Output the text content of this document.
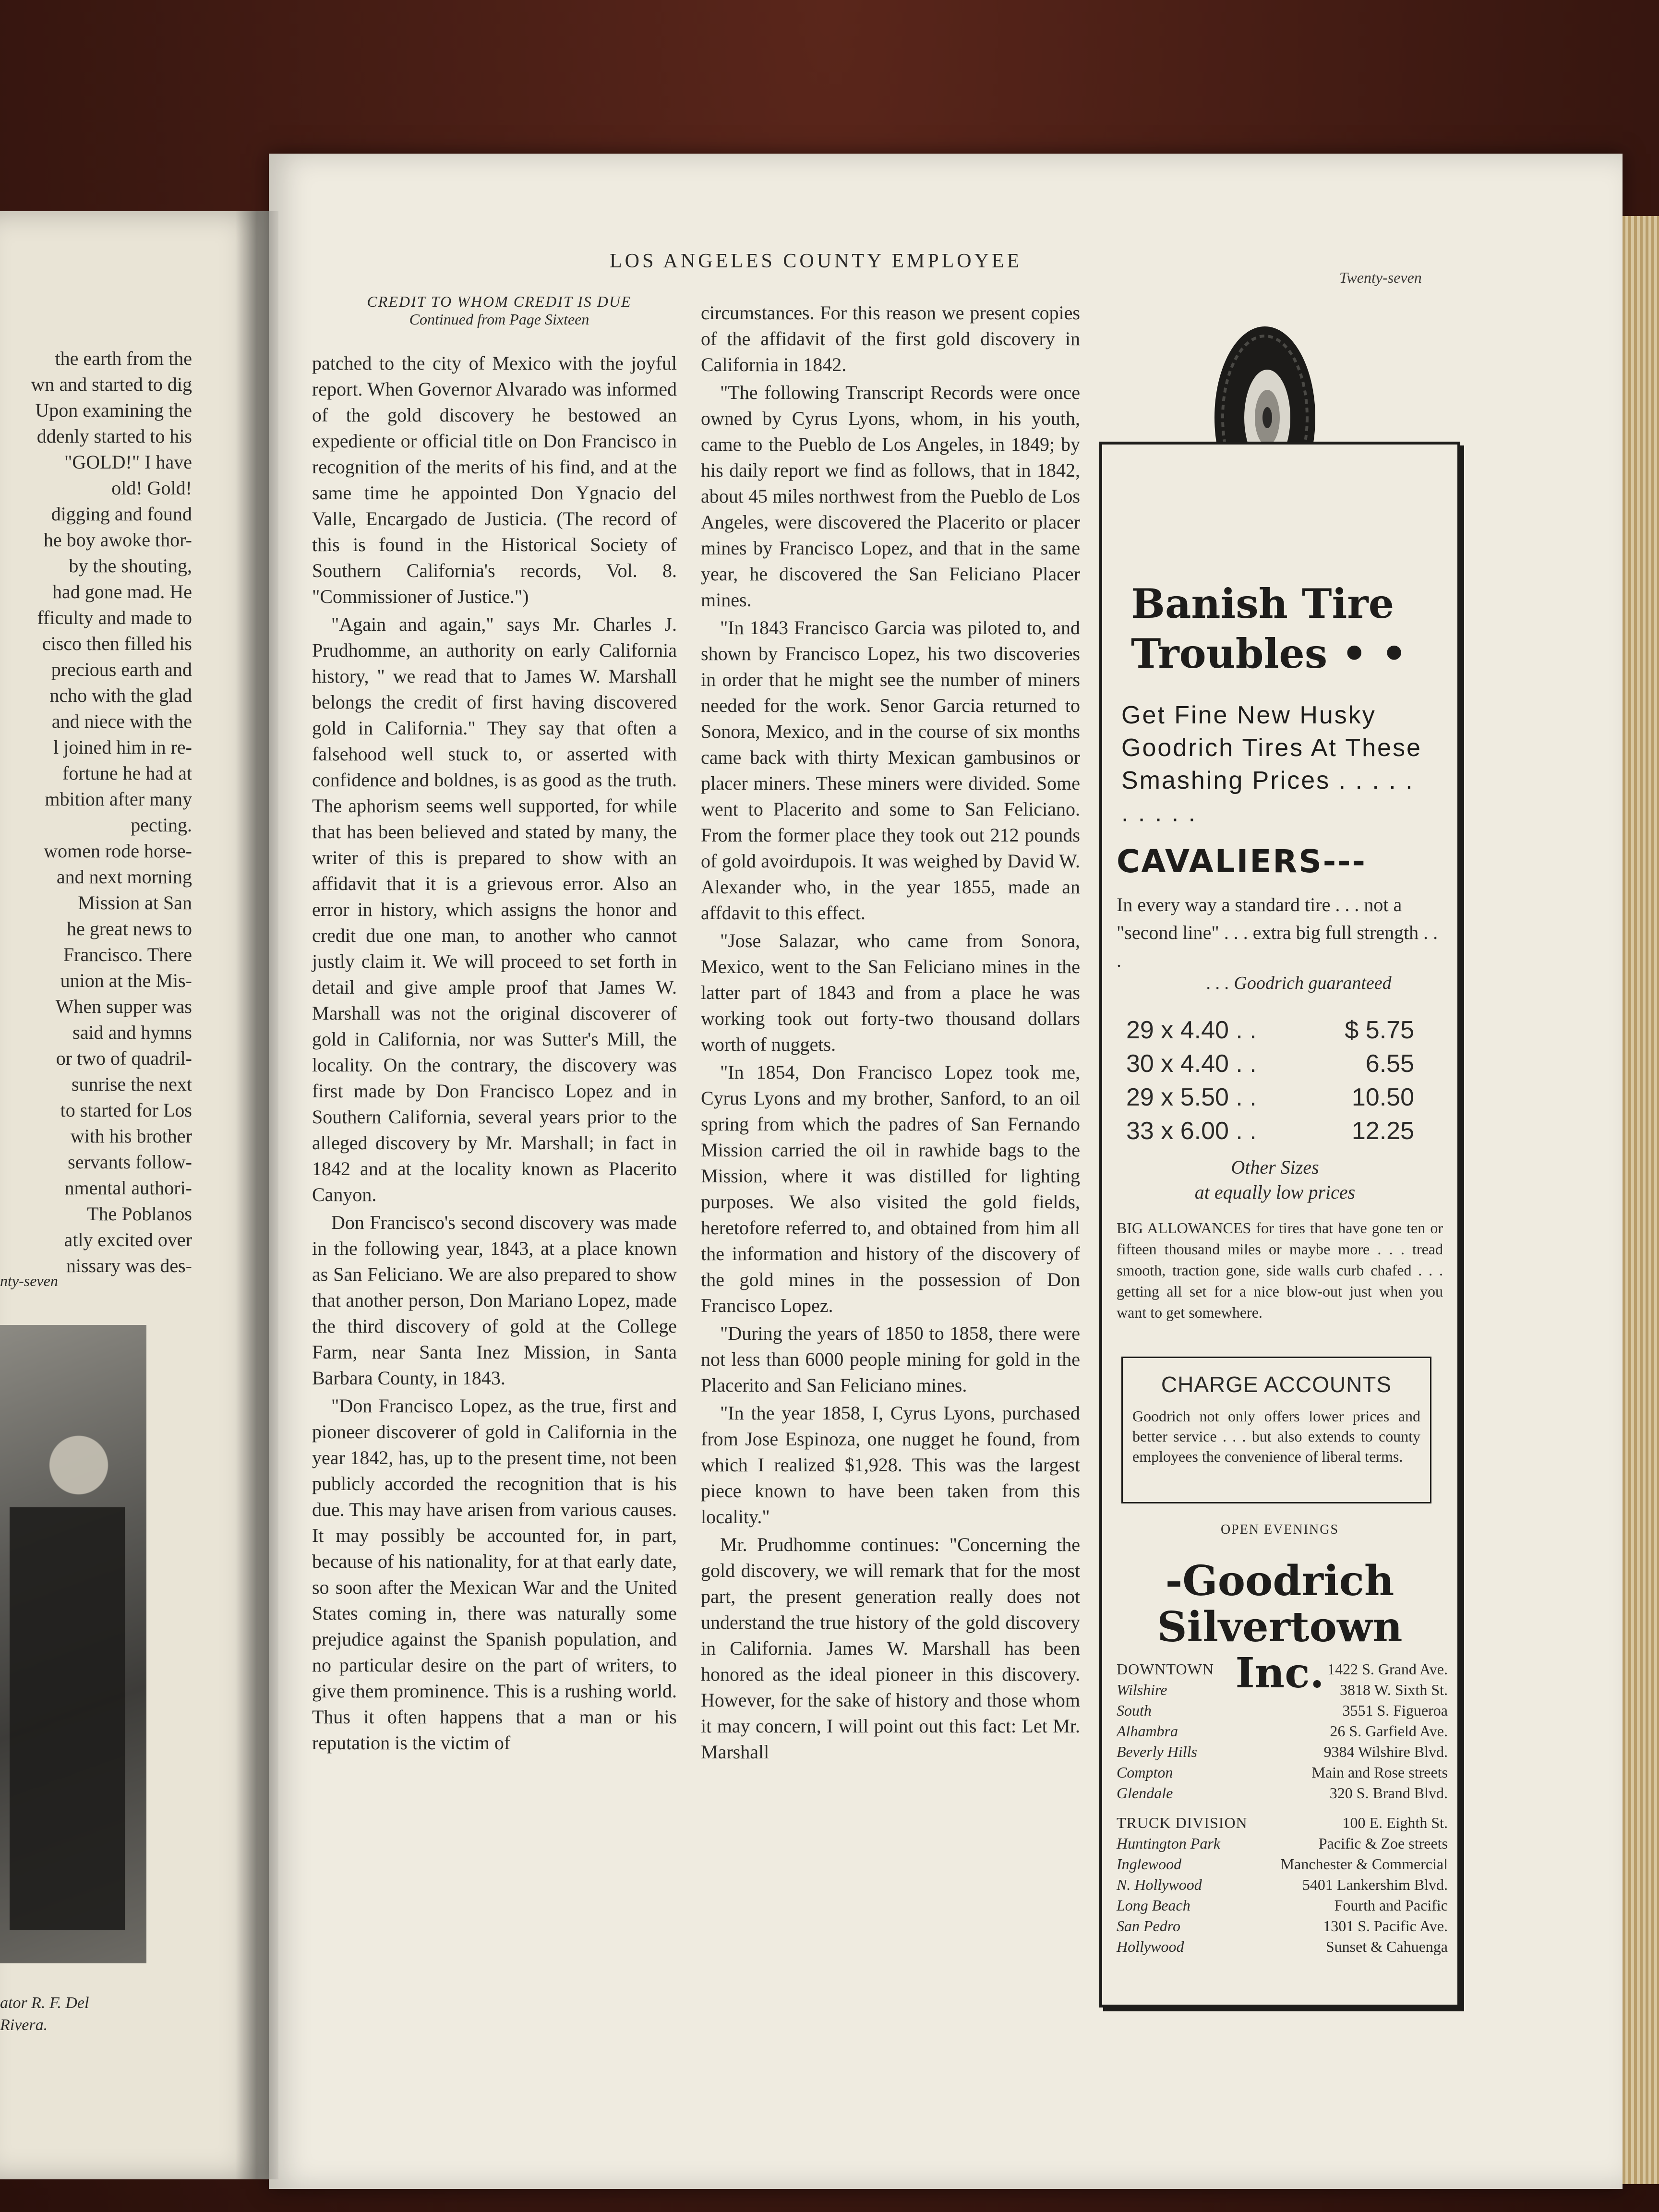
the earth from the
wn and started to dig
Upon examining the
ddenly started to his
"GOLD!" I have
old! Gold!
digging and found
he boy awoke thor-
by the shouting,
had gone mad. He
fficulty and made to
cisco then filled his
precious earth and
ncho with the glad
and niece with the
l joined him in re-
fortune he had at
mbition after many
pecting.
women rode horse-
and next morning
Mission at San
he great news to
Francisco. There
union at the Mis-
When supper was
said and hymns
or two of quadril-
sunrise the next
to started for Los
with his brother
servants follow-
nmental authori-
The Poblanos
atly excited over
nissary was des-
nty-seven
ator R. F. Del
Rivera.
LOS ANGELES COUNTY EMPLOYEE
Twenty-seven
CREDIT TO WHOM CREDIT IS DUE
Continued from Page Sixteen

patched to the city of Mexico with the joyful report. When Governor Alvarado was informed of the gold discovery he bestowed an expediente or official title on Don Francisco in recognition of the merits of his find, and at the same time he appointed Don Ygnacio del Valle, Encargado de Justicia. (The record of this is found in the Historical Society of Southern California's records, Vol. 8. "Commissioner of Justice.")

"Again and again," says Mr. Charles J. Prudhomme, an authority on early California history, " we read that to James W. Marshall belongs the credit of first having discovered gold in California." They say that often a falsehood well stuck to, or asserted with confidence and boldnes, is as good as the truth. The aphorism seems well supported, for while that has been believed and stated by many, the writer of this is prepared to show with an affidavit that it is a grievous error. Also an error in history, which assigns the honor and credit due one man, to another who cannot justly claim it. We will proceed to set forth in detail and give ample proof that James W. Marshall was not the original discoverer of gold in California, nor was Sutter's Mill, the locality. On the contrary, the discovery was first made by Don Francisco Lopez and in Southern California, several years prior to the alleged discovery by Mr. Marshall; in fact in 1842 and at the locality known as Placerito Canyon.

Don Francisco's second discovery was made in the following year, 1843, at a place known as San Feliciano. We are also prepared to show that another person, Don Mariano Lopez, made the third discovery of gold at the College Farm, near Santa Inez Mission, in Santa Barbara County, in 1843.

"Don Francisco Lopez, as the true, first and pioneer discoverer of gold in California in the year 1842, has, up to the present time, not been publicly accorded the recognition that is his due. This may have arisen from various causes. It may possibly be accounted for, in part, because of his nationality, for at that early date, so soon after the Mexican War and the United States coming in, there was naturally some prejudice against the Spanish population, and no particular desire on the part of writers, to give them prominence. This is a rushing world. Thus it often happens that a man or his reputation is the victim of

circumstances. For this reason we present copies of the affidavit of the first gold discovery in California in 1842.

"The following Transcript Records were once owned by Cyrus Lyons, whom, in his youth, came to the Pueblo de Los Angeles, in 1849; by his daily report we find as follows, that in 1842, about 45 miles northwest from the Pueblo de Los Angeles, were discovered the Placerito or placer mines by Francisco Lopez, and that in the same year, he discovered the San Feliciano Placer mines.

"In 1843 Francisco Garcia was piloted to, and shown by Francisco Lopez, his two discoveries in order that he might see the number of miners needed for the work. Senor Garcia returned to Sonora, Mexico, and in the course of six months came back with thirty Mexican gambusinos or placer miners. These miners were divided. Some went to Placerito and some to San Feliciano. From the former place they took out 212 pounds of gold avoirdupois. It was weighed by David W. Alexander who, in the year 1855, made an affdavit to this effect.

"Jose Salazar, who came from Sonora, Mexico, went to the San Feliciano mines in the latter part of 1843 and from a place he was working took out forty-two thousand dollars worth of nuggets.

"In 1854, Don Francisco Lopez took me, Cyrus Lyons and my brother, Sanford, to an oil spring from which the padres of San Fernando Mission carried the oil in rawhide bags to the Mission, where it was distilled for lighting purposes. We also visited the gold fields, heretofore referred to, and obtained from him all the information and history of the discovery of the gold mines in the possession of Don Francisco Lopez.

"During the years of 1850 to 1858, there were not less than 6000 people mining for gold in the Placerito and San Feliciano mines.

"In the year 1858, I, Cyrus Lyons, purchased from Jose Espinoza, one nugget he found, from which I realized $1,928. This was the largest piece known to have been taken from this locality."

Mr. Prudhomme continues: "Concerning the gold discovery, we will remark that for the most part, the present generation really does not understand the true history of the gold discovery in California. James W. Marshall has been honored as the ideal pioneer in this discovery. However, for the sake of history and those whom it may concern, I will point out this fact: Let Mr. Marshall

Banish Tire
Troubles • •
Get Fine New Husky Goodrich Tires At These Smashing Prices . . . . . . . . . .
CAVALIERS---
In every way a standard tire . . . not a "second line" . . . extra big full strength . . .
. . . Goodrich guaranteed
29 x 4.40 . .	$ 5.75
30 x 4.40 . .	6.55
29 x 5.50 . .	10.50
33 x 6.00 . .	12.25
Other Sizes
at equally low prices
BIG ALLOWANCES for tires that have gone ten or fifteen thousand miles or maybe more . . . tread smooth, traction gone, side walls curb chafed . . . getting all set for a nice blow-out just when you want to get somewhere.
CHARGE ACCOUNTS
Goodrich not only offers lower prices and better service . . . but also extends to county employees the convenience of liberal terms.
OPEN EVENINGS
-Goodrich
Silvertown Inc.
DOWNTOWN	1422 S. Grand Ave.
Wilshire	3818 W. Sixth St.
South	3551 S. Figueroa
Alhambra	26 S. Garfield Ave.
Beverly Hills	9384 Wilshire Blvd.
Compton	Main and Rose streets
Glendale	320 S. Brand Blvd.
TRUCK DIVISION	100 E. Eighth St.
Huntington Park	Pacific & Zoe streets
Inglewood	Manchester & Commercial
N. Hollywood	5401 Lankershim Blvd.
Long Beach	Fourth and Pacific
San Pedro	1301 S. Pacific Ave.
Hollywood	Sunset & Cahuenga
